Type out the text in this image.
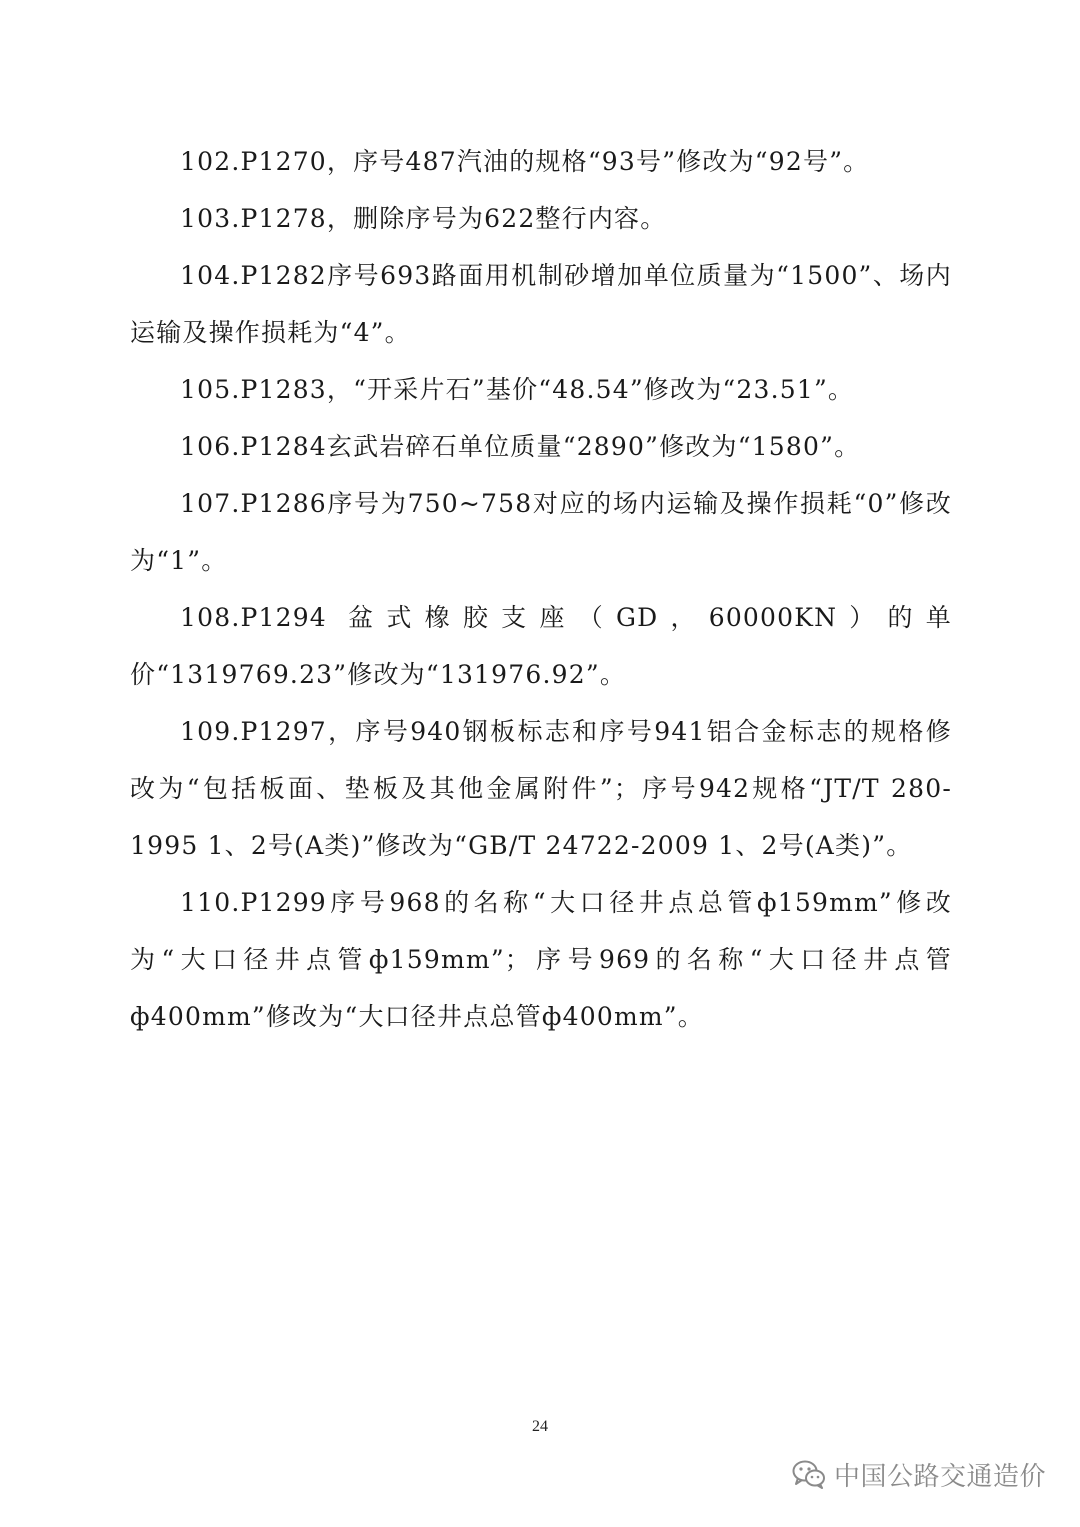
102.P1270，序号487汽油的规格“93号”修改为“92号”。

103.P1278，删除序号为622整行内容。

104.P1282序号693路面用机制砂增加单位质量为“1500”、场内运输及操作损耗为“4”。

105.P1283，“开采片石”基价“48.54”修改为“23.51”。

106.P1284玄武岩碎石单位质量“2890”修改为“1580”。

107.P1286序号为750~758对应的场内运输及操作损耗“0”修改为“1”。

108.P1294 盆式橡胶支座（GD，60000KN）的单价“1319769.23”修改为“131976.92”。

109.P1297，序号940钢板标志和序号941铝合金标志的规格修改为“包括板面、垫板及其他金属附件”；序号942规格“JT/T 280-1995 1、2号(A类)”修改为“GB/T 24722-2009 1、2号(A类)”。

110.P1299序号968的名称“大口径井点总管ф159mm”修改为“大口径井点管ф159mm”；序号969的名称“大口径井点管ф400mm”修改为“大口径井点总管ф400mm”。

24
中国公路交通造价
